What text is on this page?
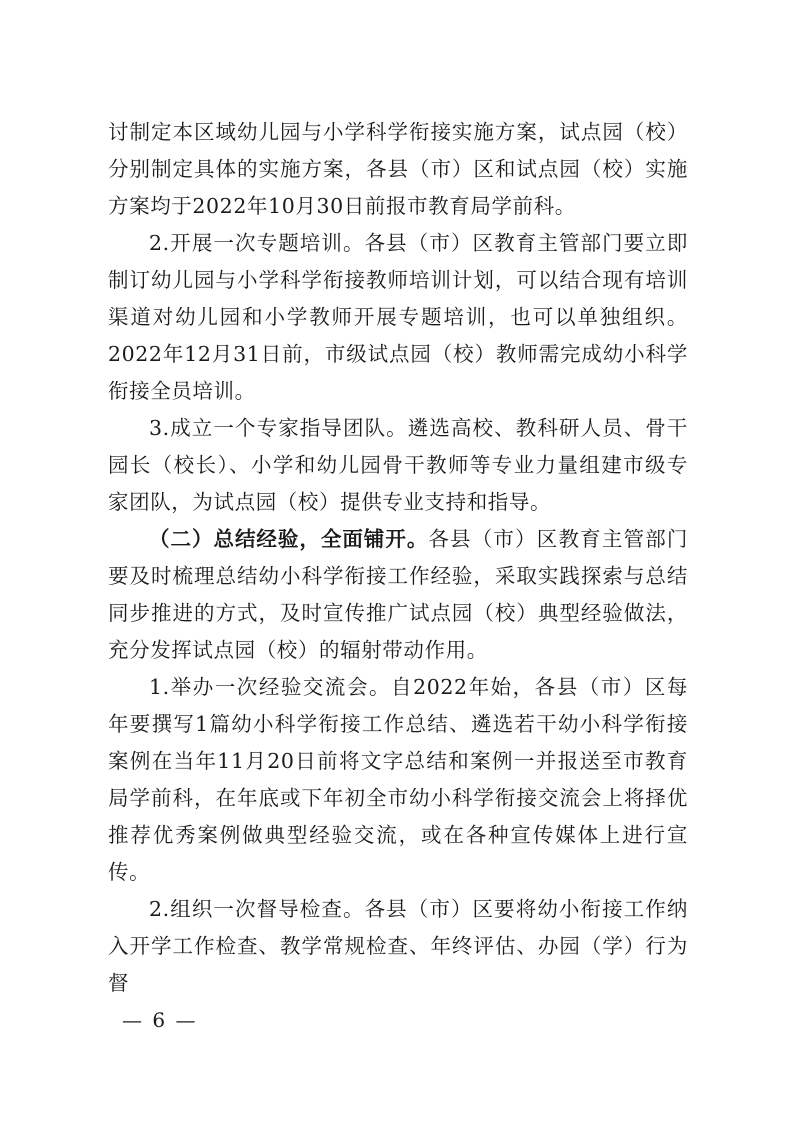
讨制定本区域幼儿园与小学科学衔接实施方案，试点园（校）分别制定具体的实施方案，各县（市）区和试点园（校）实施方案均于2022年10月30日前报市教育局学前科。

2.开展一次专题培训。各县（市）区教育主管部门要立即制订幼儿园与小学科学衔接教师培训计划，可以结合现有培训渠道对幼儿园和小学教师开展专题培训，也可以单独组织。2022年12月31日前，市级试点园（校）教师需完成幼小科学衔接全员培训。

3.成立一个专家指导团队。遴选高校、教科研人员、骨干园长（校长）、小学和幼儿园骨干教师等专业力量组建市级专家团队，为试点园（校）提供专业支持和指导。

（二）总结经验，全面铺开。各县（市）区教育主管部门要及时梳理总结幼小科学衔接工作经验，采取实践探索与总结同步推进的方式，及时宣传推广试点园（校）典型经验做法，充分发挥试点园（校）的辐射带动作用。

1.举办一次经验交流会。自2022年始，各县（市）区每年要撰写1篇幼小科学衔接工作总结、遴选若干幼小科学衔接案例在当年11月20日前将文字总结和案例一并报送至市教育局学前科，在年底或下年初全市幼小科学衔接交流会上将择优推荐优秀案例做典型经验交流，或在各种宣传媒体上进行宣传。

2.组织一次督导检查。各县（市）区要将幼小衔接工作纳入开学工作检查、教学常规检查、年终评估、办园（学）行为督

— 6 —
